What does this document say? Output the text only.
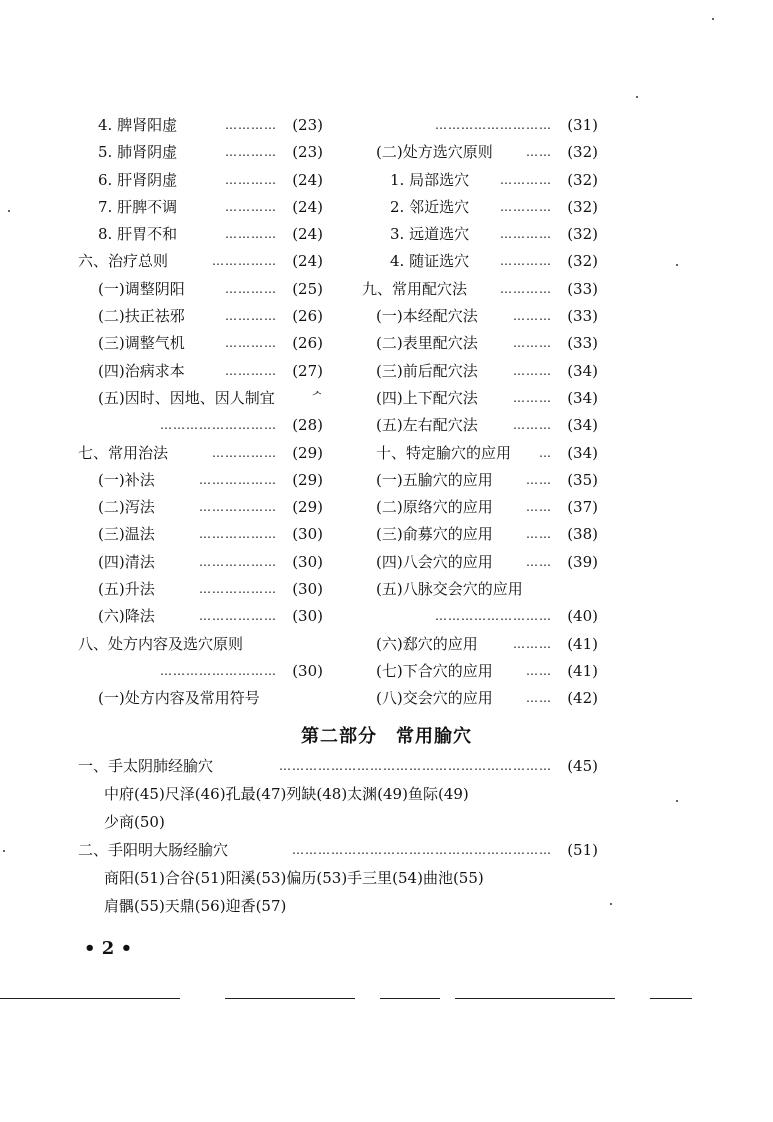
4. 脾肾阳虚	………… (23)
5. 肺肾阴虚	………… (23)
6. 肝肾阴虚	………… (24)
7. 肝脾不调	………… (24)
8. 肝胃不和	………… (24)
六、治疗总则	…………… (24)
(一)调整阴阳	………… (25)
(二)扶正祛邪	………… (26)
(三)调整气机	………… (26)
(四)治病求本	………… (27)
(五)因时、因地、因人制宜	ᄼ
……………………… (28)
七、常用治法	…………… (29)
(一)补法	……………… (29)
(二)泻法	……………… (29)
(三)温法	……………… (30)
(四)清法	……………… (30)
(五)升法	……………… (30)
(六)降法	……………… (30)
八、处方内容及选穴原则
……………………… (30)
(一)处方内容及常用符号
……………………… (31)
(二)处方选穴原则	…… (32)
1. 局部选穴	………… (32)
2. 邻近选穴	………… (32)
3. 远道选穴	………… (32)
4. 随证选穴	………… (32)
九、常用配穴法	………… (33)
(一)本经配穴法	……… (33)
(二)表里配穴法	……… (33)
(三)前后配穴法	……… (34)
(四)上下配穴法	……… (34)
(五)左右配穴法	……… (34)
十、特定腧穴的应用 … (34)
(一)五腧穴的应用	…… (35)
(二)原络穴的应用	…… (37)
(三)俞募穴的应用	…… (38)
(四)八会穴的应用	…… (39)
(五)八脉交会穴的应用
……………………… (40)
(六)郄穴的应用	……… (41)
(七)下合穴的应用	…… (41)
(八)交会穴的应用	…… (42)
第二部分　常用腧穴
一、手太阴肺经腧穴	……………………………………………………… (45)
中府(45)尺泽(46)孔最(47)列缺(48)太渊(49)鱼际(49)
少商(50)
二、手阳明大肠经腧穴	…………………………………………………… (51)
商阳(51)合谷(51)阳溪(53)偏历(53)手三里(54)曲池(55)
肩髃(55)天鼎(56)迎香(57)
• 2 •
